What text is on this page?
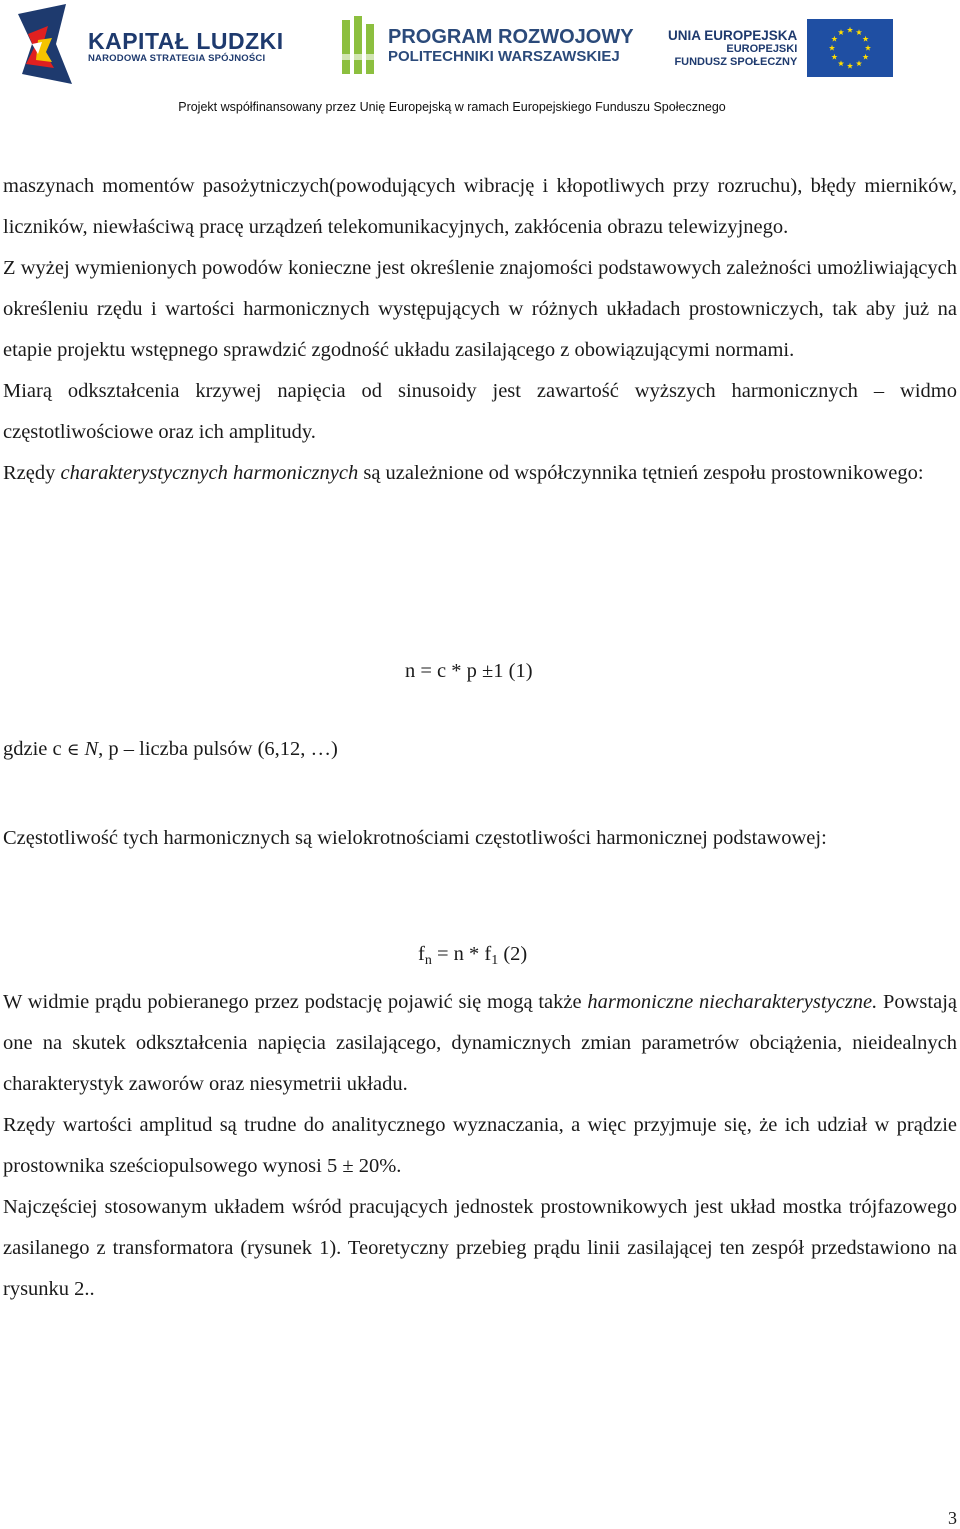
KAPITAŁ LUDZKI
NARODOWA STRATEGIA SPÓJNOŚCI
PROGRAM ROZWOJOWY
POLITECHNIKI WARSZAWSKIEJ
UNIA EUROPEJSKA
EUROPEJSKI
FUNDUSZ SPOŁECZNY
Projekt współfinansowany przez Unię Europejską w ramach Europejskiego Funduszu Społecznego

maszynach momentów pasożytniczych(powodujących wibrację i kłopotliwych przy rozruchu), błędy mierników, liczników, niewłaściwą pracę urządzeń telekomunikacyjnych, zakłócenia obrazu telewizyjnego.

Z wyżej wymienionych powodów konieczne jest określenie znajomości podstawowych zależności umożliwiających określeniu rzędu i wartości harmonicznych występujących w różnych układach prostowniczych, tak aby już na etapie projektu wstępnego sprawdzić zgodność układu zasilającego z obowiązującymi normami.

Miarą odkształcenia krzywej napięcia od sinusoidy jest zawartość wyższych harmonicznych – widmo częstotliwościowe oraz ich amplitudy.

Rzędy charakterystycznych harmonicznych są uzależnione od współczynnika tętnień zespołu prostownikowego:

n = c * p ±1 (1)
gdzie c ∈ N, p – liczba pulsów (6,12, …)

Częstotliwość tych harmonicznych są wielokrotnościami częstotliwości harmonicznej podstawowej:

$f_n = n * f_1$ (2)

W widmie prądu pobieranego przez podstację pojawić się mogą także harmoniczne niecharakterystyczne. Powstają one na skutek odkształcenia napięcia zasilającego, dynamicznych zmian parametrów obciążenia, nieidealnych charakterystyk zaworów oraz niesymetrii układu.

Rzędy wartości amplitud są trudne do analitycznego wyznaczania, a więc przyjmuje się, że ich udział w prądzie prostownika sześciopulsowego wynosi 5 ± 20%.

Najczęściej stosowanym układem wśród pracujących jednostek prostownikowych jest układ mostka trójfazowego zasilanego z transformatora (rysunek 1). Teoretyczny przebieg prądu linii zasilającej ten zespół przedstawiono na rysunku 2..

3
